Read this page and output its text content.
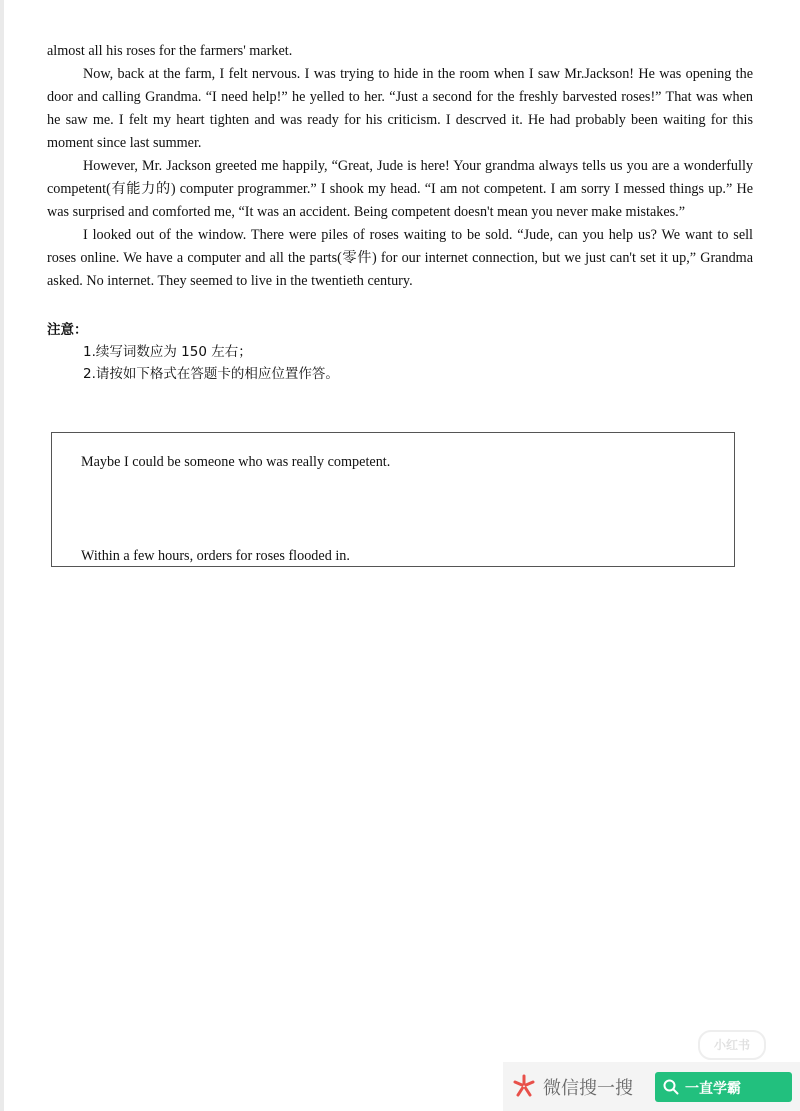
almost all his roses for the farmers' market.

Now, back at the farm, I felt nervous. I was trying to hide in the room when I saw Mr.Jackson! He was opening the door and calling Grandma. “I need help!” he yelled to her. “Just a second for the freshly barvested roses!” That was when he saw me. I felt my heart tighten and was ready for his criticism. I descrved it. He had probably been waiting for this moment since last summer.

However, Mr. Jackson greeted me happily, “Great, Jude is here! Your grandma always tells us you are a wonderfully competent(有能力的) computer programmer.” I shook my head. “I am not competent. I am sorry I messed things up.” He was surprised and comforted me, “It was an accident. Being competent doesn't mean you never make mistakes.”

I looked out of the window. There were piles of roses waiting to be sold. “Jude, can you help us? We want to sell roses online. We have a computer and all the parts(零件) for our internet connection, but we just can't set it up,” Grandma asked. No internet. They seemed to live in the twentieth century.

注意：
1.续写词数应为 150 左右；
2.请按如下格式在答题卡的相应位置作答。
Maybe I could be someone who was really competent.
Within a few hours, orders for roses flooded in.
小红书
微信搜一搜	一直学霸
